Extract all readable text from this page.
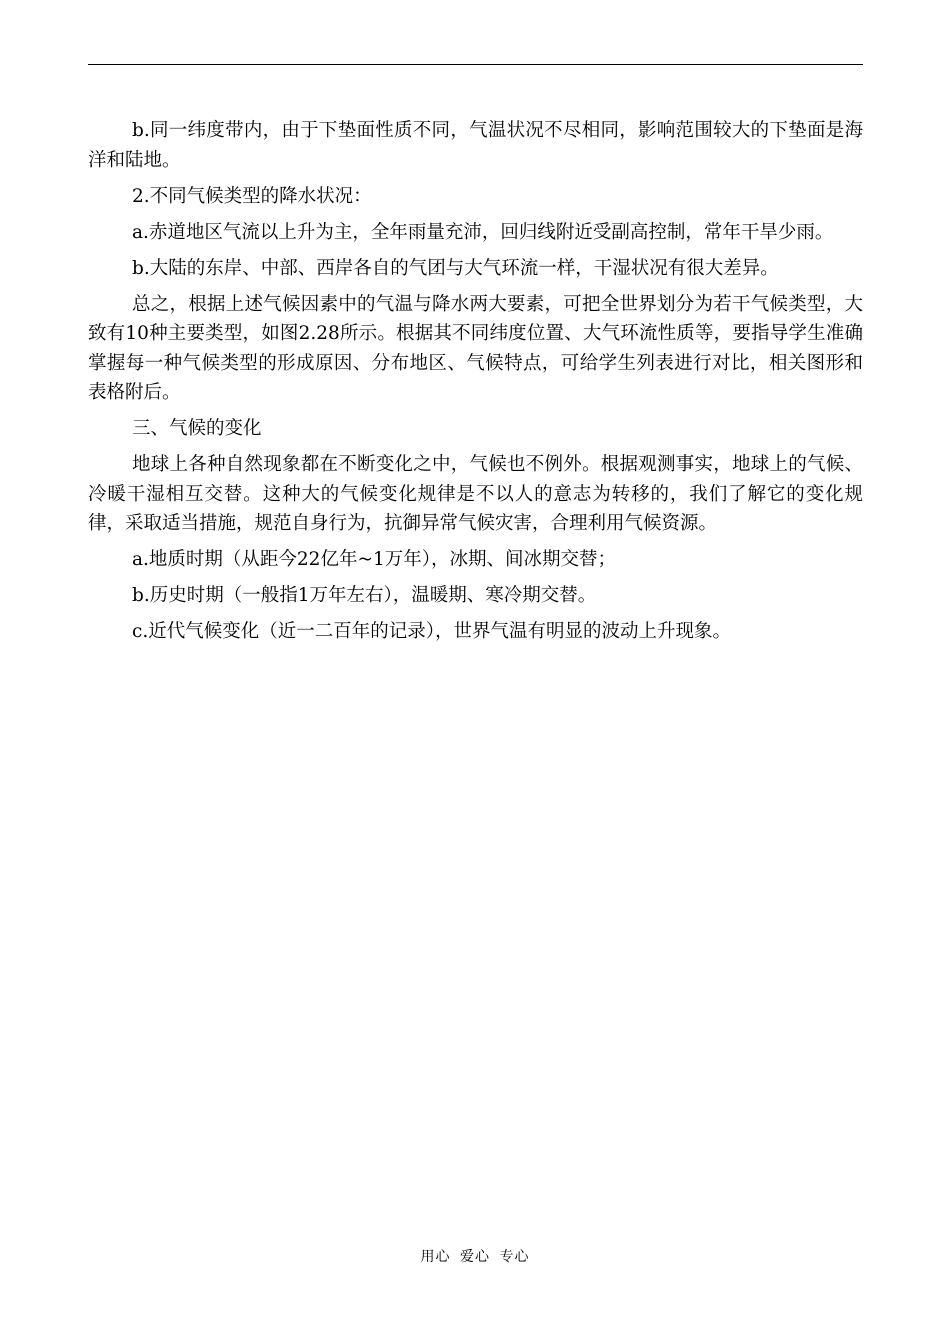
b.同一纬度带内，由于下垫面性质不同，气温状况不尽相同，影响范围较大的下垫面是海洋和陆地。

2.不同气候类型的降水状况：

a.赤道地区气流以上升为主，全年雨量充沛，回归线附近受副高控制，常年干旱少雨。

b.大陆的东岸、中部、西岸各自的气团与大气环流一样，干湿状况有很大差异。

总之，根据上述气候因素中的气温与降水两大要素，可把全世界划分为若干气候类型，大致有10种主要类型，如图2.28所示。根据其不同纬度位置、大气环流性质等，要指导学生准确掌握每一种气候类型的形成原因、分布地区、气候特点，可给学生列表进行对比，相关图形和表格附后。

三、气候的变化

地球上各种自然现象都在不断变化之中，气候也不例外。根据观测事实，地球上的气候、冷暖干湿相互交替。这种大的气候变化规律是不以人的意志为转移的，我们了解它的变化规律，采取适当措施，规范自身行为，抗御异常气候灾害，合理利用气候资源。

a.地质时期（从距今22亿年~1万年），冰期、间冰期交替；

b.历史时期（一般指1万年左右），温暖期、寒冷期交替。

c.近代气候变化（近一二百年的记录），世界气温有明显的波动上升现象。

用心 爱心 专心
